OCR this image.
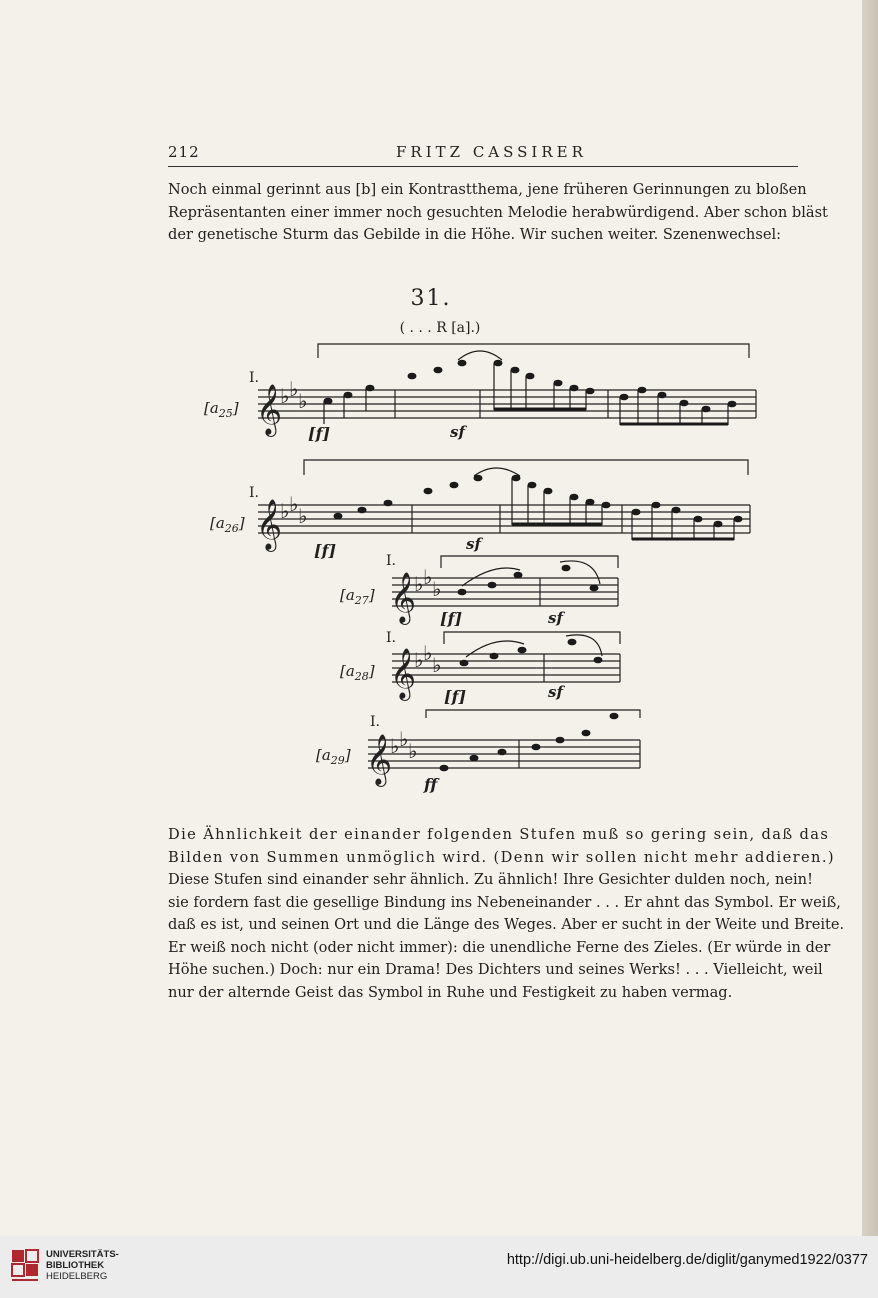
212	FRITZ CASSIRER

Noch einmal gerinnt aus [b] ein Kontrastthema, jene früheren Gerinnungen zu bloßen
Repräsentanten einer immer noch gesuchten Melodie herabwürdigend. Aber schon bläst
der genetische Sturm das Gebilde in die Höhe. Wir suchen weiter. Szenenwechsel:

31.
( . . . R [a].)
𝄞
♭ ♭ ♭
𝄞
♭ ♭ ♭
𝄞
♭ ♭ ♭
𝄞
♭ ♭ ♭
𝄞
♭ ♭ ♭
I.
I.
I.
I.
I.
$[a_{25}]$
$[a_{26}]$
$[a_{27}]$
$[a_{28}]$
$[a_{29}]$
[f]	sf
[f]	sf
[f]	sf
[f]	sf
ff

Die Ähnlichkeit der einander folgenden Stufen muß so gering sein, daß das
Bilden von Summen unmöglich wird. (Denn wir sollen nicht mehr addieren.)
Diese Stufen sind einander sehr ähnlich. Zu ähnlich! Ihre Gesichter dulden noch, nein!
sie fordern fast die gesellige Bindung ins Nebeneinander . . . Er ahnt das Symbol. Er weiß,
daß es ist, und seinen Ort und die Länge des Weges. Aber er sucht in der Weite und Breite.
Er weiß noch nicht (oder nicht immer): die unendliche Ferne des Zieles. (Er würde in der
Höhe suchen.) Doch: nur ein Drama! Des Dichters und seines Werks! . . . Vielleicht, weil
nur der alternde Geist das Symbol in Ruhe und Festigkeit zu haben vermag.

UNIVERSITÄTS-
BIBLIOTHEK
HEIDELBERG
http://digi.ub.uni-heidelberg.de/diglit/ganymed1922/0377
